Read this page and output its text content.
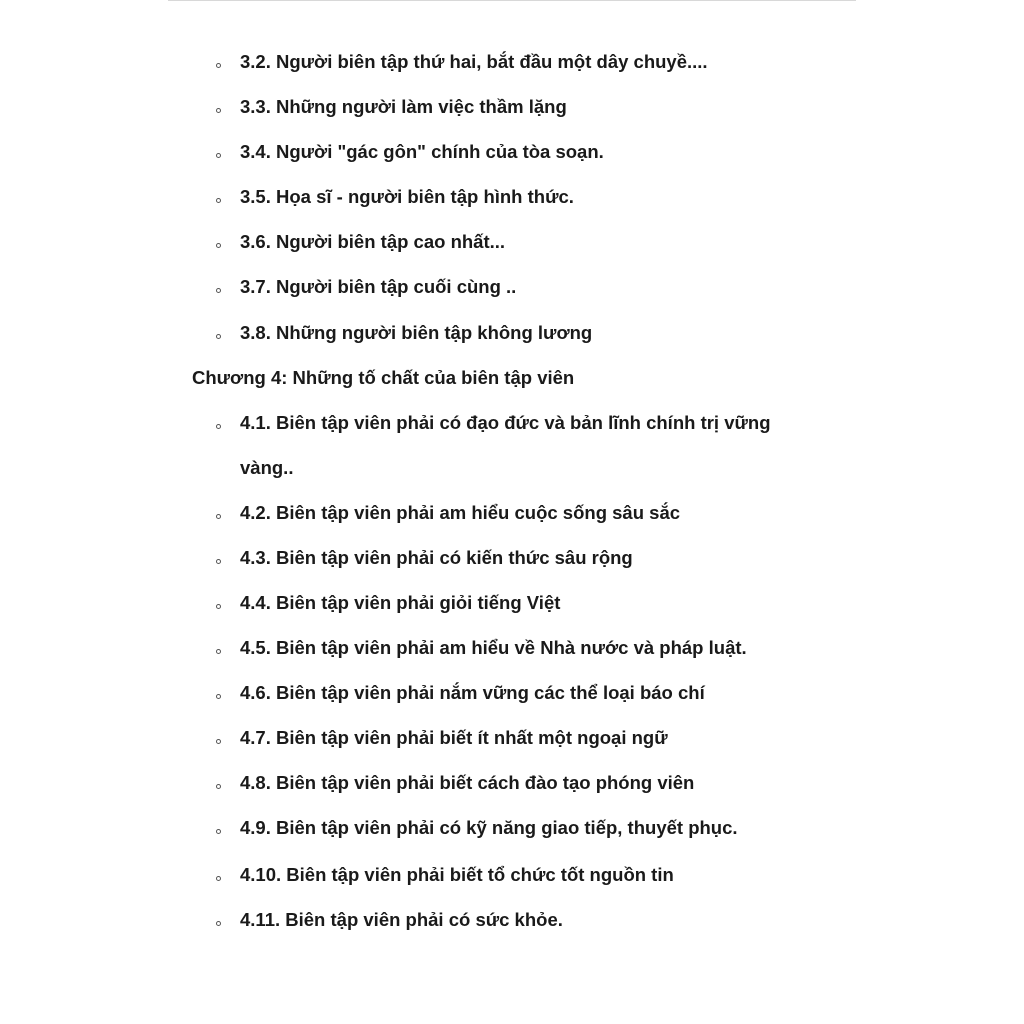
3.2. Người biên tập thứ hai, bắt đầu một dây chuyề....
3.3. Những người làm việc thầm lặng
3.4. Người "gác gôn" chính của tòa soạn.
3.5. Họa sĩ - người biên tập hình thức.
3.6. Người biên tập cao nhất...
3.7. Người biên tập cuối cùng ..
3.8. Những người biên tập không lương
Chương 4: Những tố chất của biên tập viên
4.1. Biên tập viên phải có đạo đức và bản lĩnh chính trị vững
vàng..
4.2. Biên tập viên phải am hiểu cuộc sống sâu sắc
4.3. Biên tập viên phải có kiến thức sâu rộng
4.4. Biên tập viên phải giỏi tiếng Việt
4.5. Biên tập viên phải am hiểu về Nhà nước và pháp luật.
4.6. Biên tập viên phải nắm vững các thể loại báo chí
4.7. Biên tập viên phải biết ít nhất một ngoại ngữ
4.8. Biên tập viên phải biết cách đào tạo phóng viên
4.9. Biên tập viên phải có kỹ năng giao tiếp, thuyết phục.
4.10. Biên tập viên phải biết tổ chức tốt nguồn tin
4.11. Biên tập viên phải có sức khỏe.
